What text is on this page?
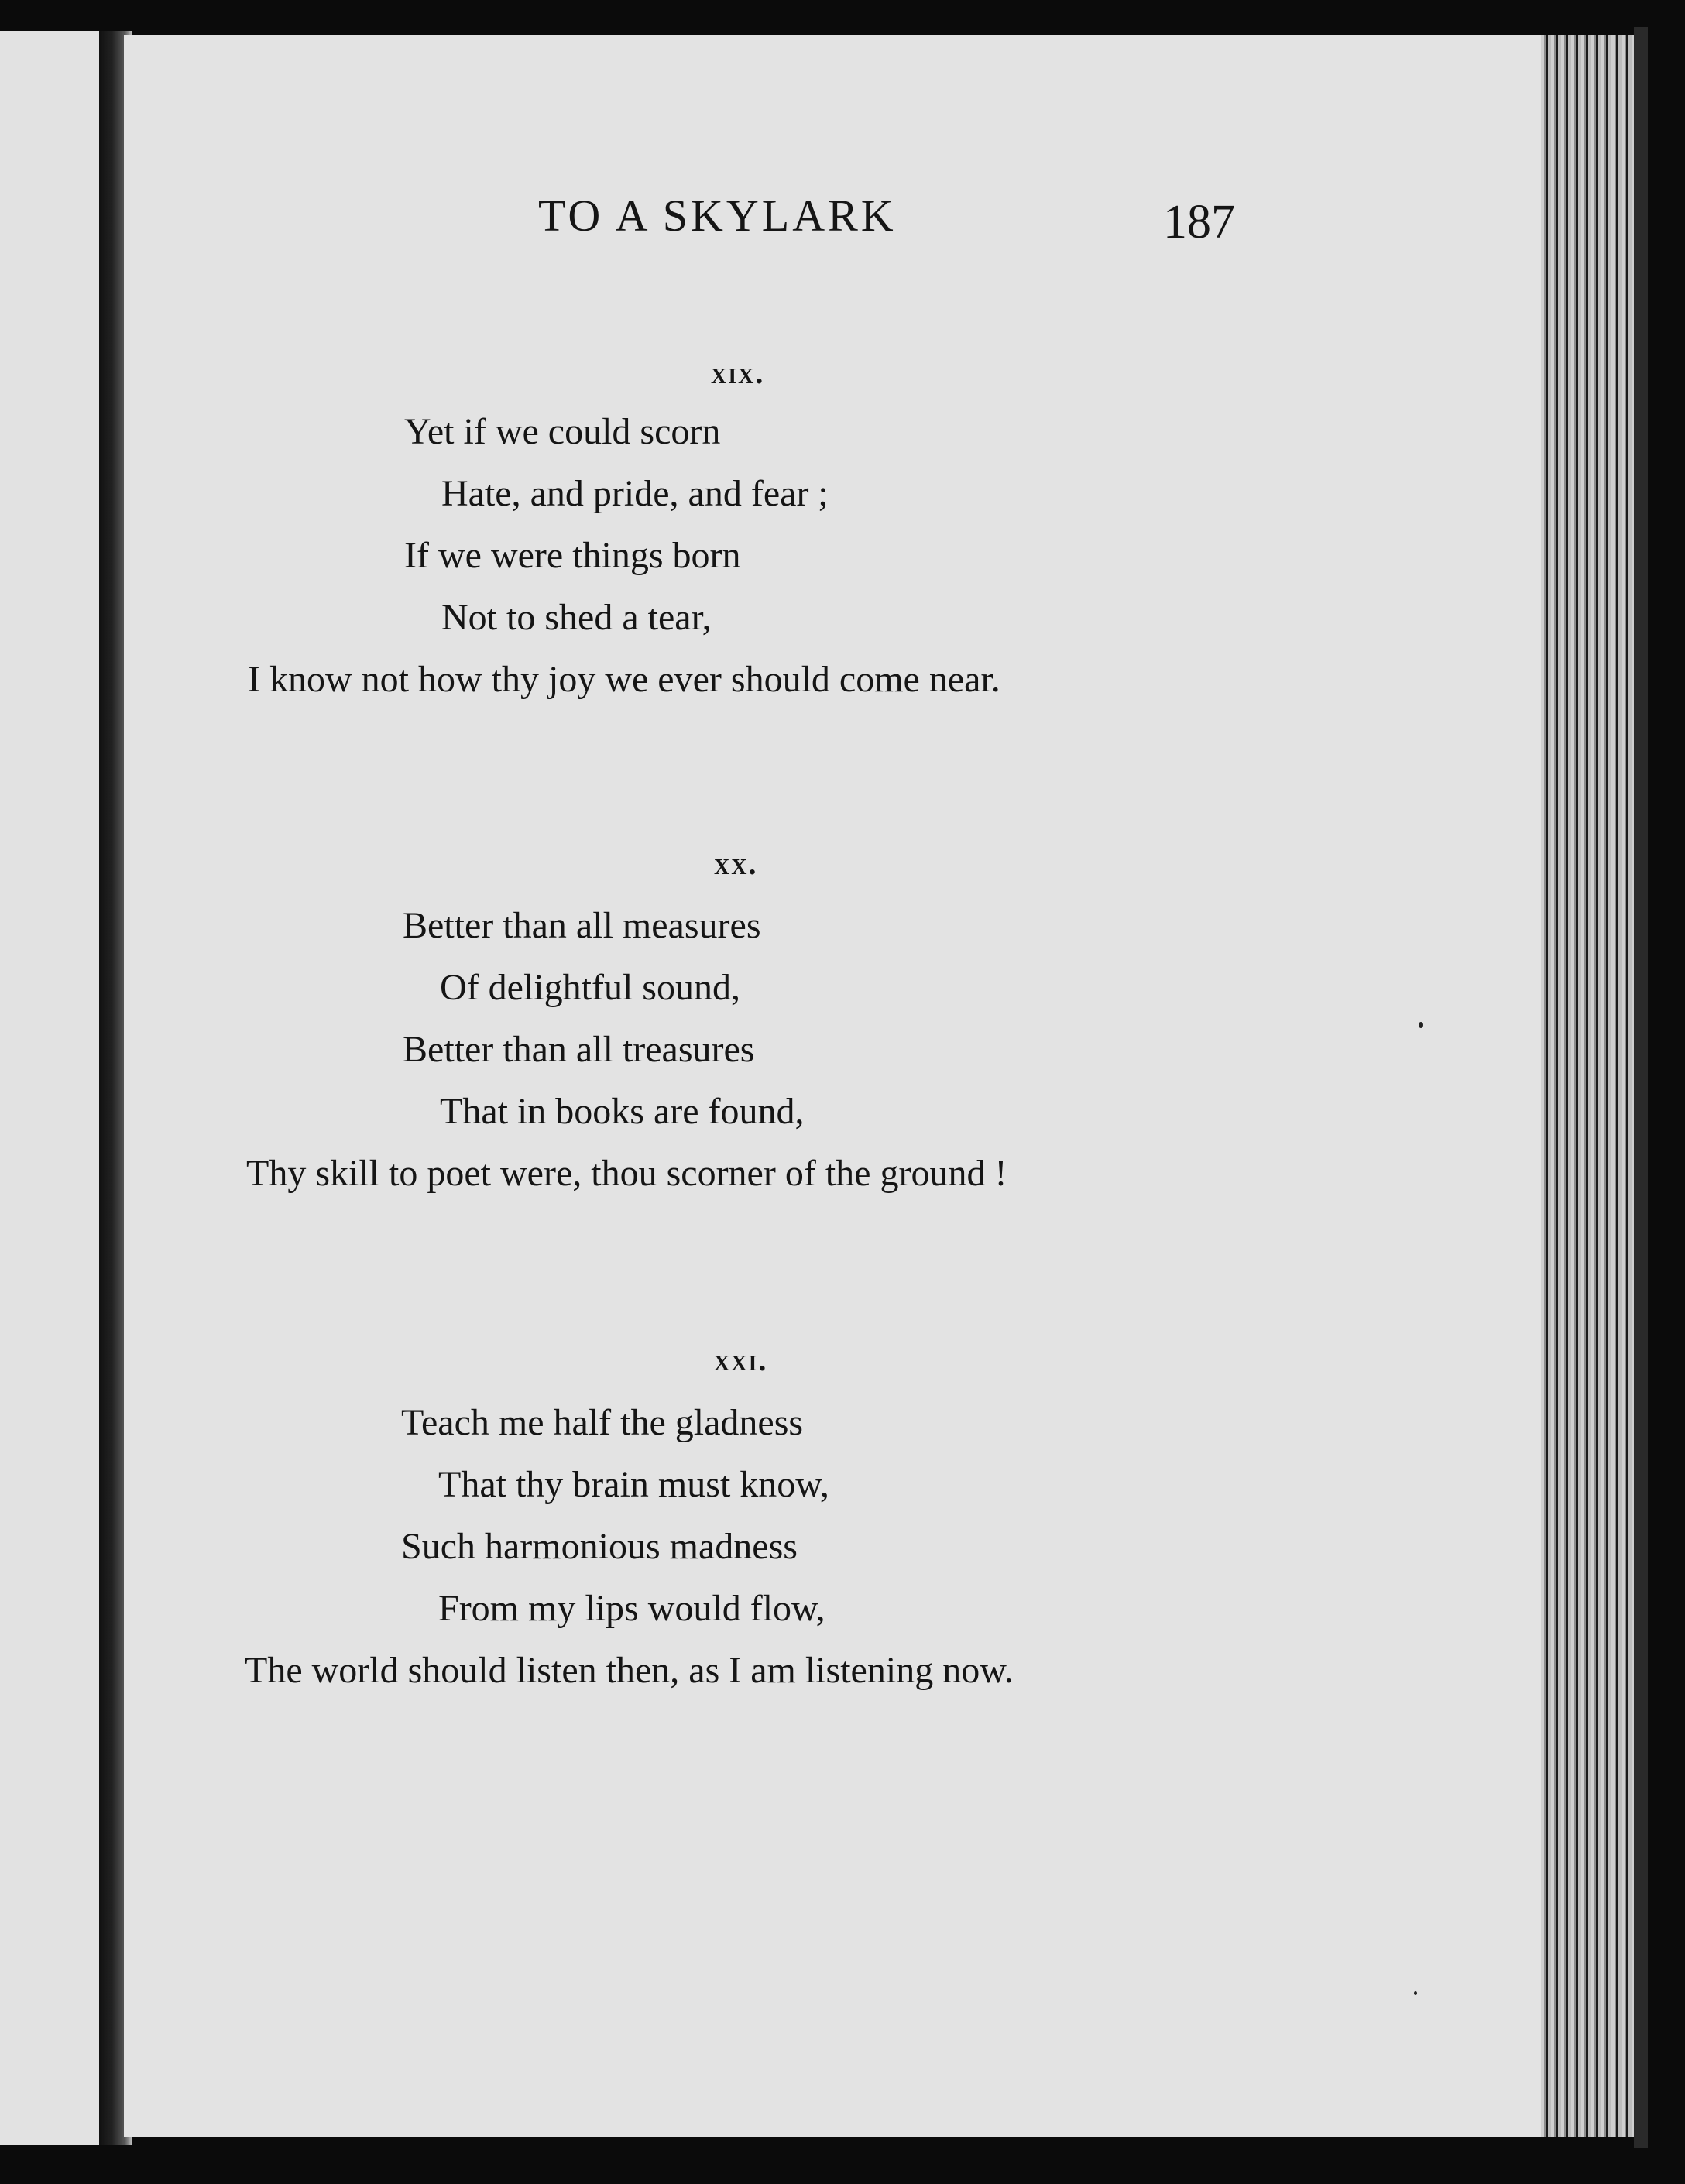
TO A SKYLARK	187
xix.
Yet if we could scorn
Hate, and pride, and fear ;
If we were things born
Not to shed a tear,
I know not how thy joy we ever should come near.
xx.
Better than all measures
Of delightful sound,
Better than all treasures
That in books are found,
Thy skill to poet were, thou scorner of the ground !
xxi.
Teach me half the gladness
That thy brain must know,
Such harmonious madness
From my lips would flow,
The world should listen then, as I am listening now.
